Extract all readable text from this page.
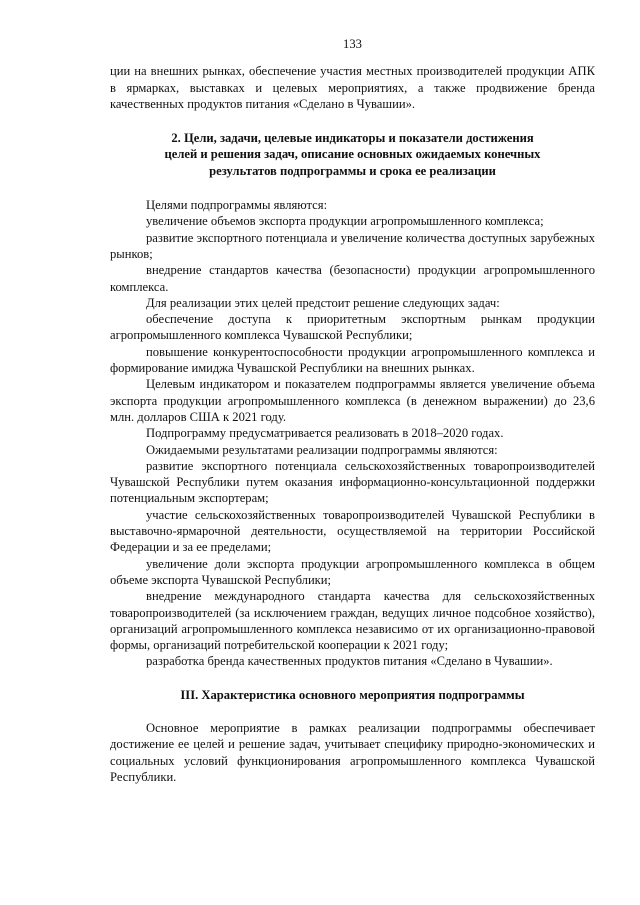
133

ции на внешних рынках, обеспечение участия местных производителей продукции АПК в ярмарках, выставках и целевых мероприятиях, а также продвижение бренда качественных продуктов питания «Сделано в Чувашии».

2. Цели, задачи, целевые индикаторы и показатели достижения целей и решения задач, описание основных ожидаемых конечных результатов подпрограммы и срока ее реализации

Целями подпрограммы являются:

увеличение объемов экспорта продукции агропромышленного комплекса;

развитие экспортного потенциала и увеличение количества доступных зарубежных рынков;

внедрение стандартов качества (безопасности) продукции агропромышленного комплекса.

Для реализации этих целей предстоит решение следующих задач:

обеспечение доступа к приоритетным экспортным рынкам продукции агропромышленного комплекса Чувашской Республики;

повышение конкурентоспособности продукции агропромышленного комплекса и формирование имиджа Чувашской Республики на внешних рынках.

Целевым индикатором и показателем подпрограммы является увеличение объема экспорта продукции агропромышленного комплекса (в денежном выражении) до 23,6 млн. долларов США к 2021 году.

Подпрограмму предусматривается реализовать в 2018–2020 годах.

Ожидаемыми результатами реализации подпрограммы являются:

развитие экспортного потенциала сельскохозяйственных товаропроизводителей Чувашской Республики путем оказания информационно-консультационной поддержки потенциальным экспортерам;

участие сельскохозяйственных товаропроизводителей Чувашской Республики в выставочно-ярмарочной деятельности, осуществляемой на территории Российской Федерации и за ее пределами;

увеличение доли экспорта продукции агропромышленного комплекса в общем объеме экспорта Чувашской Республики;

внедрение международного стандарта качества для сельскохозяйственных товаропроизводителей (за исключением граждан, ведущих личное подсобное хозяйство), организаций агропромышленного комплекса независимо от их организационно-правовой формы, организаций потребительской кооперации к 2021 году;

разработка бренда качественных продуктов питания «Сделано в Чувашии».

III. Характеристика основного мероприятия подпрограммы

Основное мероприятие в рамках реализации подпрограммы обеспечивает достижение ее целей и решение задач, учитывает специфику природно-экономических и социальных условий функционирования агропромышленного комплекса Чувашской Республики.
